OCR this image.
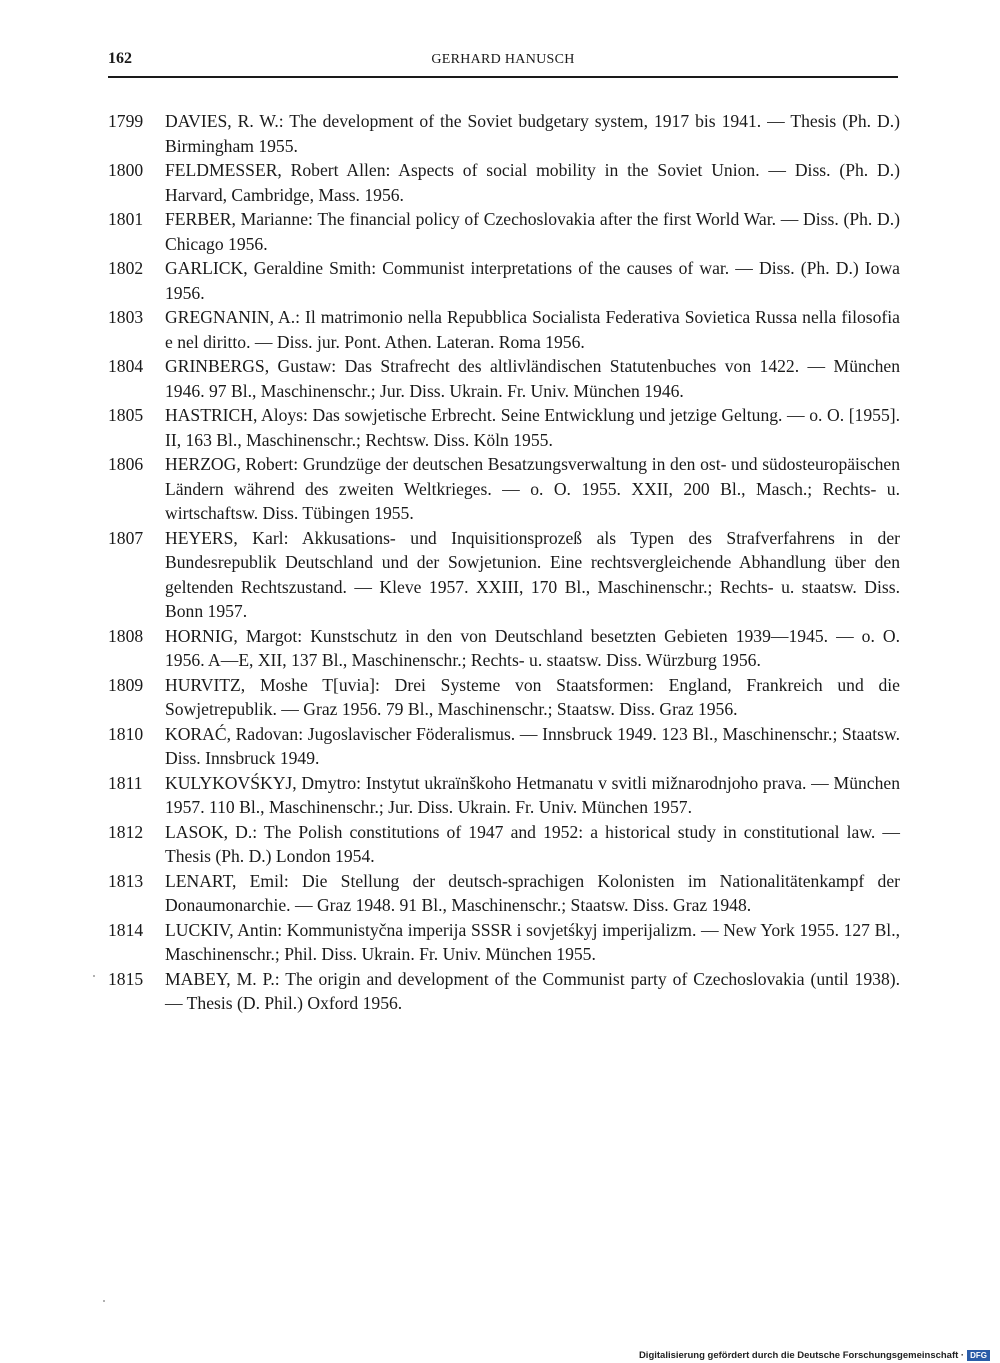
162	GERHARD HANUSCH

1799	DAVIES, R. W.: The development of the Soviet budgetary system, 1917 bis 1941. — Thesis (Ph. D.) Birmingham 1955.

1800	FELDMESSER, Robert Allen: Aspects of social mobility in the Soviet Union. — Diss. (Ph. D.) Harvard, Cambridge, Mass. 1956.

1801	FERBER, Marianne: The financial policy of Czechoslovakia after the first World War. — Diss. (Ph. D.) Chicago 1956.

1802	GARLICK, Geraldine Smith: Communist interpretations of the causes of war. — Diss. (Ph. D.) Iowa 1956.

1803	GREGNANIN, A.: Il matrimonio nella Repubblica Socialista Federativa Sovietica Russa nella filosofia e nel diritto. — Diss. jur. Pont. Athen. Lateran. Roma 1956.

1804	GRINBERGS, Gustaw: Das Strafrecht des altlivländischen Statutenbuches von 1422. — München 1946. 97 Bl., Maschinenschr.; Jur. Diss. Ukrain. Fr. Univ. München 1946.

1805	HASTRICH, Aloys: Das sowjetische Erbrecht. Seine Entwicklung und jetzige Geltung. — o. O. [1955]. II, 163 Bl., Maschinenschr.; Rechtsw. Diss. Köln 1955.

1806	HERZOG, Robert: Grundzüge der deutschen Besatzungsverwaltung in den ost- und südosteuropäischen Ländern während des zweiten Weltkrieges. — o. O. 1955. XXII, 200 Bl., Masch.; Rechts- u. wirtschaftsw. Diss. Tübingen 1955.

1807	HEYERS, Karl: Akkusations- und Inquisitionsprozeß als Typen des Strafverfahrens in der Bundesrepublik Deutschland und der Sowjetunion. Eine rechtsvergleichende Abhandlung über den geltenden Rechtszustand. — Kleve 1957. XXIII, 170 Bl., Maschinenschr.; Rechts- u. staatsw. Diss. Bonn 1957.

1808	HORNIG, Margot: Kunstschutz in den von Deutschland besetzten Gebieten 1939—1945. — o. O. 1956. A—E, XII, 137 Bl., Maschinenschr.; Rechts- u. staatsw. Diss. Würzburg 1956.

1809	HURVITZ, Moshe T[uvia]: Drei Systeme von Staatsformen: England, Frankreich und die Sowjetrepublik. — Graz 1956. 79 Bl., Maschinenschr.; Staatsw. Diss. Graz 1956.

1810	KORAĆ, Radovan: Jugoslavischer Föderalismus. — Innsbruck 1949. 123 Bl., Maschinenschr.; Staatsw. Diss. Innsbruck 1949.

1811	KULYKOVŚKYJ, Dmytro: Instytut ukraïnškoho Hetmanatu v svitli mižnarodnjoho prava. — München 1957. 110 Bl., Maschinenschr.; Jur. Diss. Ukrain. Fr. Univ. München 1957.

1812	LASOK, D.: The Polish constitutions of 1947 and 1952: a historical study in constitutional law. — Thesis (Ph. D.) London 1954.

1813	LENART, Emil: Die Stellung der deutsch-sprachigen Kolonisten im Nationalitätenkampf der Donaumonarchie. — Graz 1948. 91 Bl., Maschinenschr.; Staatsw. Diss. Graz 1948.

1814	LUCKIV, Antin: Kommunistyčna imperija SSSR i sovjetśkyj imperijalizm. — New York 1955. 127 Bl., Maschinenschr.; Phil. Diss. Ukrain. Fr. Univ. München 1955.

1815	MABEY, M. P.: The origin and development of the Communist party of Czechoslovakia (until 1938). — Thesis (D. Phil.) Oxford 1956.

Digitalisierung gefördert durch die Deutsche Forschungsgemeinschaft · DFG
